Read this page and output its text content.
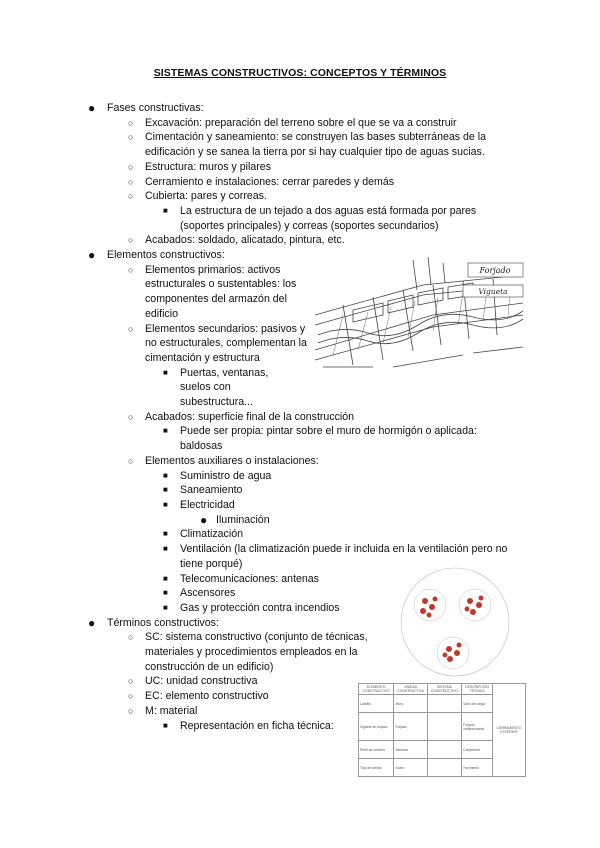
SISTEMAS CONSTRUCTIVOS: CONCEPTOS Y TÉRMINOS
● Fases constructivas:
○ Excavación: preparación del terreno sobre el que se va a construir
○ Cimentación y saneamiento: se construyen las bases subterráneas de la edificación y se sanea la tierra por si hay cualquier tipo de aguas sucias.
○ Estructura: muros y pilares
○ Cerramiento e instalaciones: cerrar paredes y demás
○ Cubierta: pares y correas.
■ La estructura de un tejado a dos aguas está formada por pares (soportes principales) y correas (soportes secundarios)
○ Acabados: soldado, alicatado, pintura, etc.
● Elementos constructivos:
○ Elementos primarios: activos estructurales o sustentables: los componentes del armazón del edificio
○ Elementos secundarios: pasivos y no estructurales, complementan la cimentación y estructura
■ Puertas, ventanas, suelos con subestructura...
○ Acabados: superficie final de la construcción
■ Puede ser propia: pintar sobre el muro de hormigón o aplicada: baldosas
○ Elementos auxiliares o instalaciones:
■ Suministro de agua
■ Saneamiento
■ Electricidad
● Iluminación
■ Climatización
■ Ventilación (la climatización puede ir incluida en la ventilación pero no tiene porqué)
■ Telecomunicaciones: antenas
■ Ascensores
■ Gas y protección contra incendios
● Términos constructivos:
○ SC: sistema constructivo (conjunto de técnicas, materiales y procedimientos empleados en la construcción de un edificio)
○ UC: unidad constructiva
○ EC: elemento constructivo
○ M: material
■ Representación en ficha técnica:
Forjado
Vigueta
ELEMENTO CONSTRUCTIVO	UNIDAD CONSTRUCTIVA	SISTEMA CONSTRUCTIVO	DESCRIPCIÓN TÉCNICA	CERRAMIENTO EXTERIOR
Ladrillo	Muro		Muro de carga	
Vigueta de forjado	Forjado		Forjado unidireccional	
Perfil de madera	Ventana		Carpintería	
Tipo de tarima	Suelo		Pavimento	
